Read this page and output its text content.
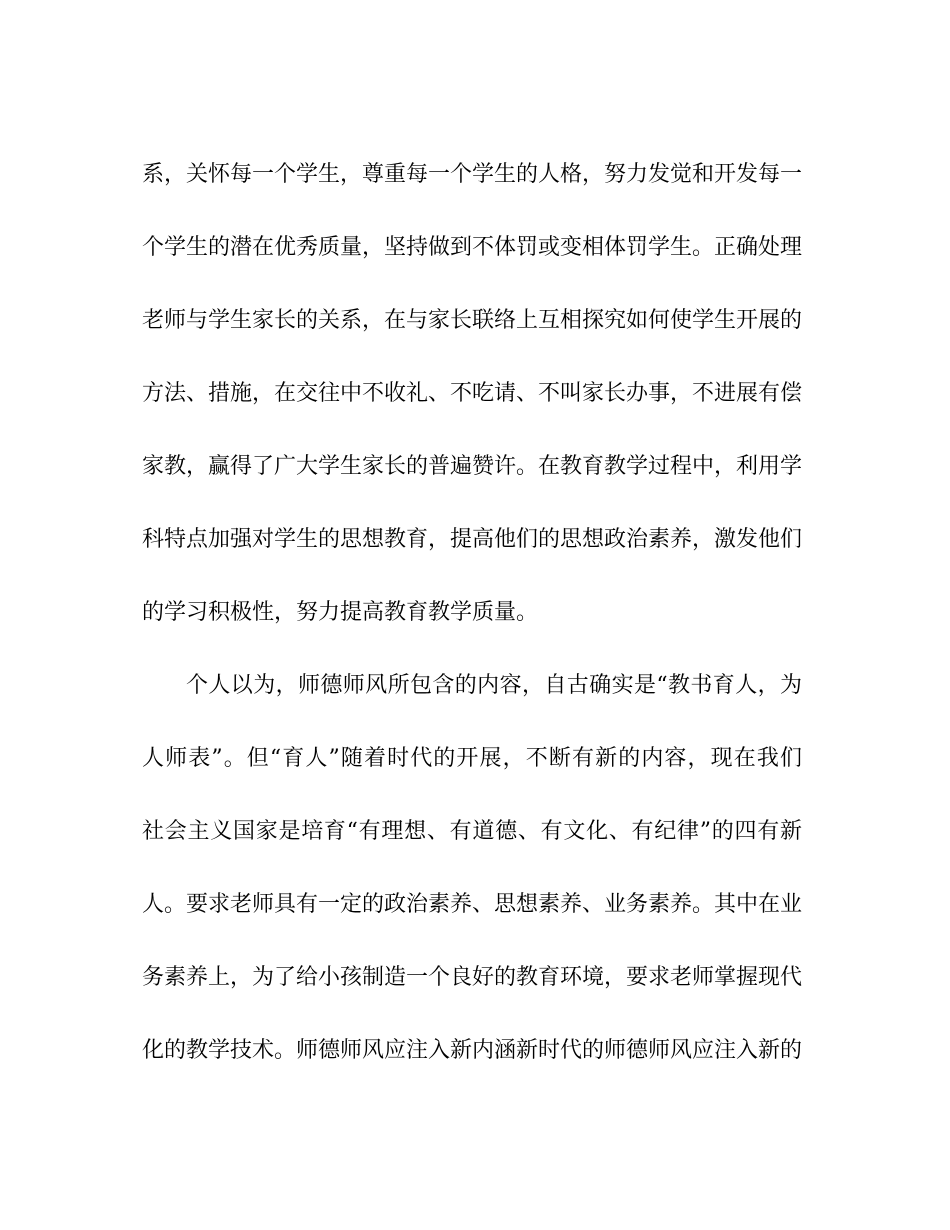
系，关怀每一个学生，尊重每一个学生的人格，努力发觉和开发每一
个学生的潜在优秀质量，坚持做到不体罚或变相体罚学生。正确处理
老师与学生家长的关系，在与家长联络上互相探究如何使学生开展的
方法、措施，在交往中不收礼、不吃请、不叫家长办事，不进展有偿
家教，赢得了广大学生家长的普遍赞许。在教育教学过程中，利用学
科特点加强对学生的思想教育，提高他们的思想政治素养，激发他们
的学习积极性，努力提高教育教学质量。
个人以为，师德师风所包含的内容，自古确实是“教书育人，为
人师表”。但“育人”随着时代的开展，不断有新的内容，现在我们
社会主义国家是培育“有理想、有道德、有文化、有纪律”的四有新
人。要求老师具有一定的政治素养、思想素养、业务素养。其中在业
务素养上，为了给小孩制造一个良好的教育环境，要求老师掌握现代
化的教学技术。师德师风应注入新内涵新时代的师德师风应注入新的
